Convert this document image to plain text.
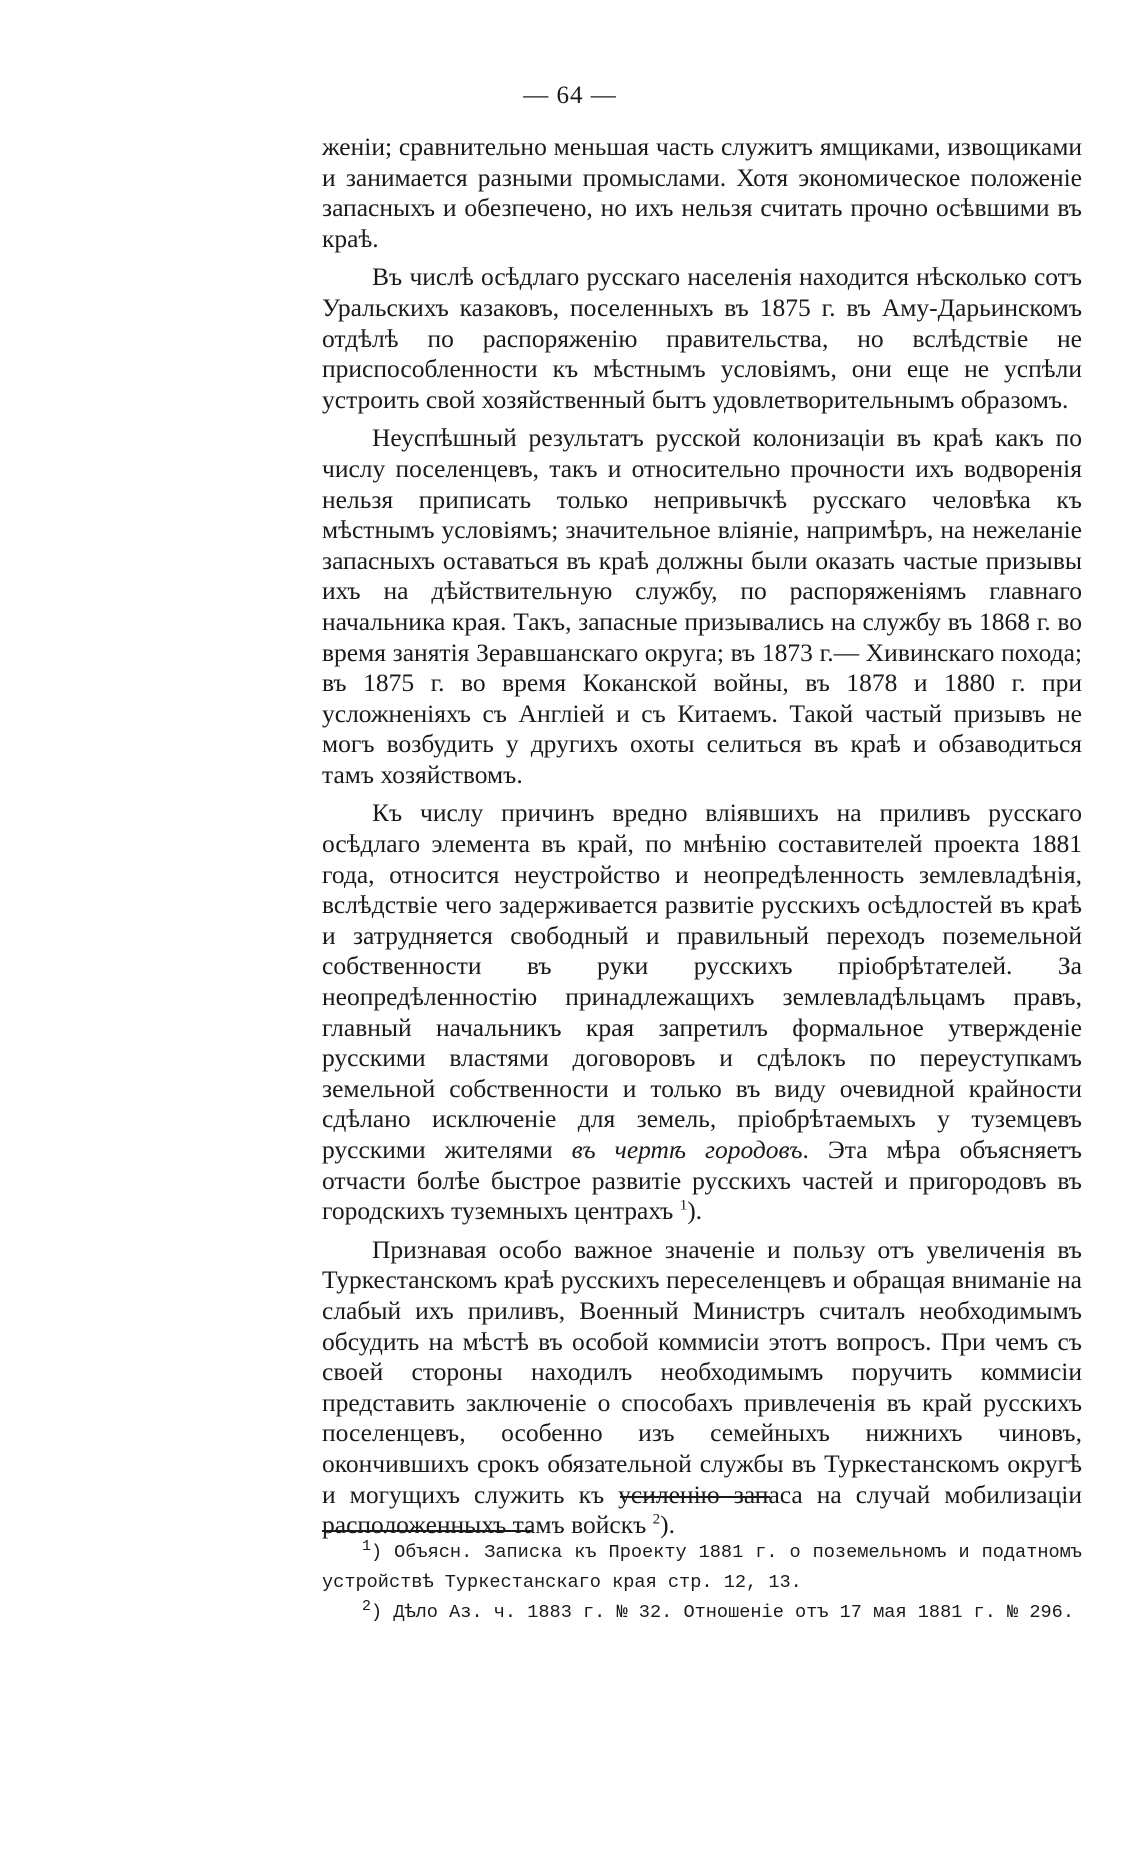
— 64 —

женіи; сравнительно меньшая часть служитъ ямщиками, извощиками и занимается разными промыслами. Хотя экономическое положеніе запасныхъ и обезпечено, но ихъ нельзя считать прочно осѣвшими въ краѣ.

Въ числѣ осѣдлаго русскаго населенія находится нѣсколько сотъ Уральскихъ казаковъ, поселенныхъ въ 1875 г. въ Аму-Дарьинскомъ отдѣлѣ по распоряженію правительства, но вслѣдствіе не приспособленности къ мѣстнымъ условіямъ, они еще не успѣли устроить свой хозяйственный бытъ удовлетворительнымъ образомъ.

Неуспѣшный результатъ русской колонизаціи въ краѣ какъ по числу поселенцевъ, такъ и относительно прочности ихъ водворенія нельзя приписать только непривычкѣ русскаго человѣка къ мѣстнымъ условіямъ; значительное вліяніе, напримѣръ, на нежеланіе запасныхъ оставаться въ краѣ должны были оказать частые призывы ихъ на дѣйствительную службу, по распоряженіямъ главнаго начальника края. Такъ, запасные призывались на службу въ 1868 г. во время занятія Зеравшанскаго округа; въ 1873 г.— Хивинскаго похода; въ 1875 г. во время Коканской войны, въ 1878 и 1880 г. при усложненіяхъ съ Англіей и съ Китаемъ. Такой частый призывъ не могъ возбудить у другихъ охоты селиться въ краѣ и обзаводиться тамъ хозяйствомъ.

Къ числу причинъ вредно вліявшихъ на приливъ русскаго осѣдлаго элемента въ край, по мнѣнію составителей проекта 1881 года, относится неустройство и неопредѣленность землевладѣнія, вслѣдствіе чего задерживается развитіе русскихъ осѣдлостей въ краѣ и затрудняется свободный и правильный переходъ поземельной собственности въ руки русскихъ пріобрѣтателей. За неопредѣленностію принадлежащихъ землевладѣльцамъ правъ, главный начальникъ края запретилъ формальное утвержденіе русскими властями договоровъ и сдѣлокъ по переуступкамъ земельной собственности и только въ виду очевидной крайности сдѣлано исключеніе для земель, пріобрѣтаемыхъ у туземцевъ русскими жителями въ чертѣ городовъ. Эта мѣра объясняетъ отчасти болѣе быстрое развитіе русскихъ частей и пригородовъ въ городскихъ туземныхъ центрахъ $^1$).

Признавая особо важное значеніе и пользу отъ увеличенія въ Туркестанскомъ краѣ русскихъ переселенцевъ и обращая вниманіе на слабый ихъ приливъ, Военный Министръ считалъ необходимымъ обсудить на мѣстѣ въ особой коммисіи этотъ вопросъ. При чемъ съ своей стороны находилъ необходимымъ поручить коммисіи представить заключеніе о способахъ привлеченія въ край русскихъ поселенцевъ, особенно изъ семейныхъ нижнихъ чиновъ, окончившихъ срокъ обязательной службы въ Туркестанскомъ округѣ и могущихъ служить къ усиленію запаса на случай мобилизаціи расположенныхъ тамъ войскъ $^2$).

$^1$) Объясн. Записка къ Проекту 1881 г. о поземельномъ и податномъ устройствѣ Туркестанскаго края стр. 12, 13.

$^2$) Дѣло Аз. ч. 1883 г. № 32. Отношеніе отъ 17 мая 1881 г. № 296.
